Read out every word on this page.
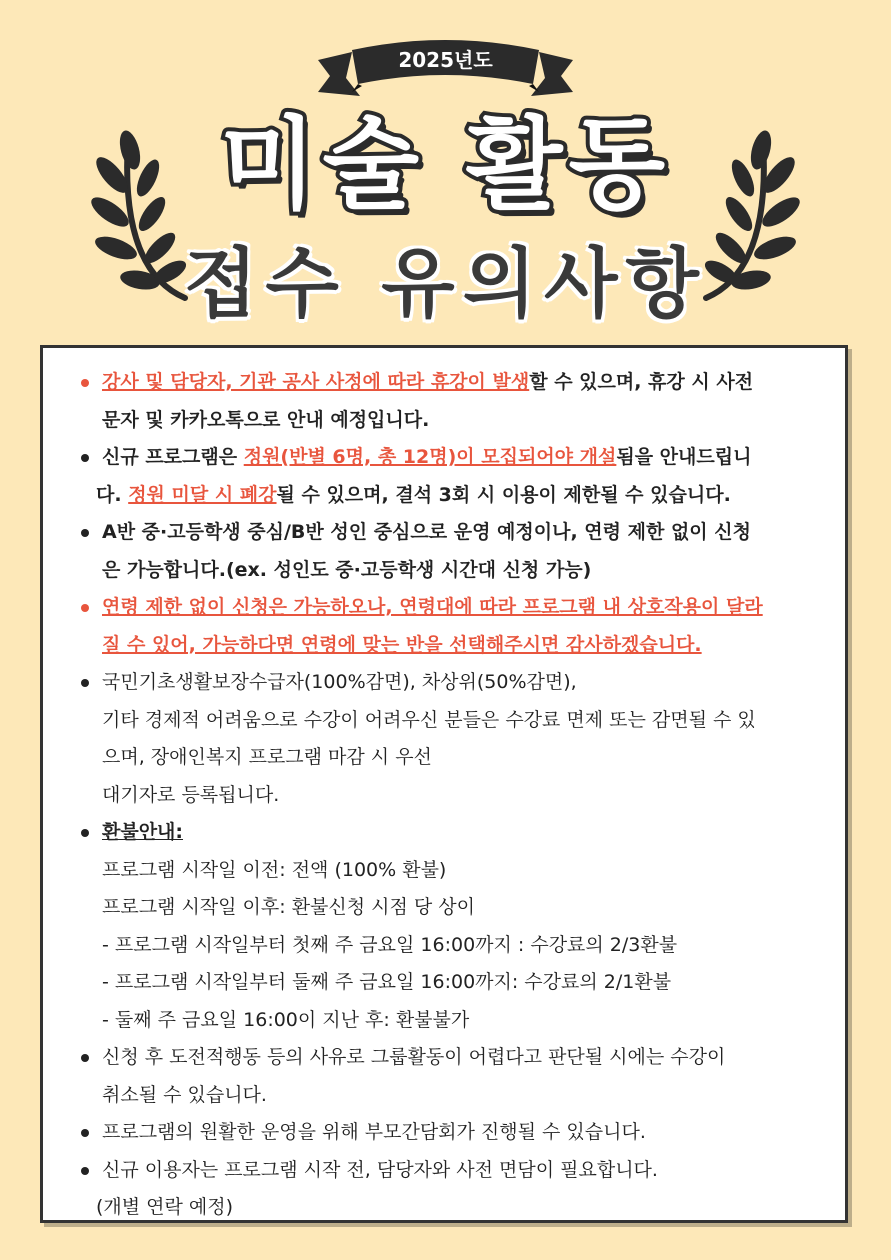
2025년도
미술 활동
접수 유의사항
강사 및 담당자, 기관 공사 사정에 따라 휴강이 발생할 수 있으며, 휴강 시 사전
문자 및 카카오톡으로 안내 예정입니다.
신규 프로그램은 정원(반별 6명, 총 12명)이 모집되어야 개설됨을 안내드립니
다. 정원 미달 시 폐강될 수 있으며, 결석 3회 시 이용이 제한될 수 있습니다.
A반 중·고등학생 중심/B반 성인 중심으로 운영 예정이나, 연령 제한 없이 신청
은 가능합니다.(ex. 성인도 중·고등학생 시간대 신청 가능)
연령 제한 없이 신청은 가능하오나, 연령대에 따라 프로그램 내 상호작용이 달라
질 수 있어, 가능하다면 연령에 맞는 반을 선택해주시면 감사하겠습니다.
국민기초생활보장수급자(100%감면), 차상위(50%감면),
기타 경제적 어려움으로 수강이 어려우신 분들은 수강료 면제 또는 감면될 수 있
으며, 장애인복지 프로그램 마감 시 우선
대기자로 등록됩니다.
환불안내:
프로그램 시작일 이전: 전액 (100% 환불)
프로그램 시작일 이후: 환불신청 시점 당 상이
- 프로그램 시작일부터 첫째 주 금요일 16:00까지 : 수강료의 2/3환불
- 프로그램 시작일부터 둘째 주 금요일 16:00까지: 수강료의 2/1환불
- 둘째 주 금요일 16:00이 지난 후: 환불불가
신청 후 도전적행동 등의 사유로 그룹활동이 어렵다고 판단될 시에는 수강이
취소될 수 있습니다.
프로그램의 원활한 운영을 위해 부모간담회가 진행될 수 있습니다.
신규 이용자는 프로그램 시작 전, 담당자와 사전 면담이 필요합니다.
(개별 연락 예정)
